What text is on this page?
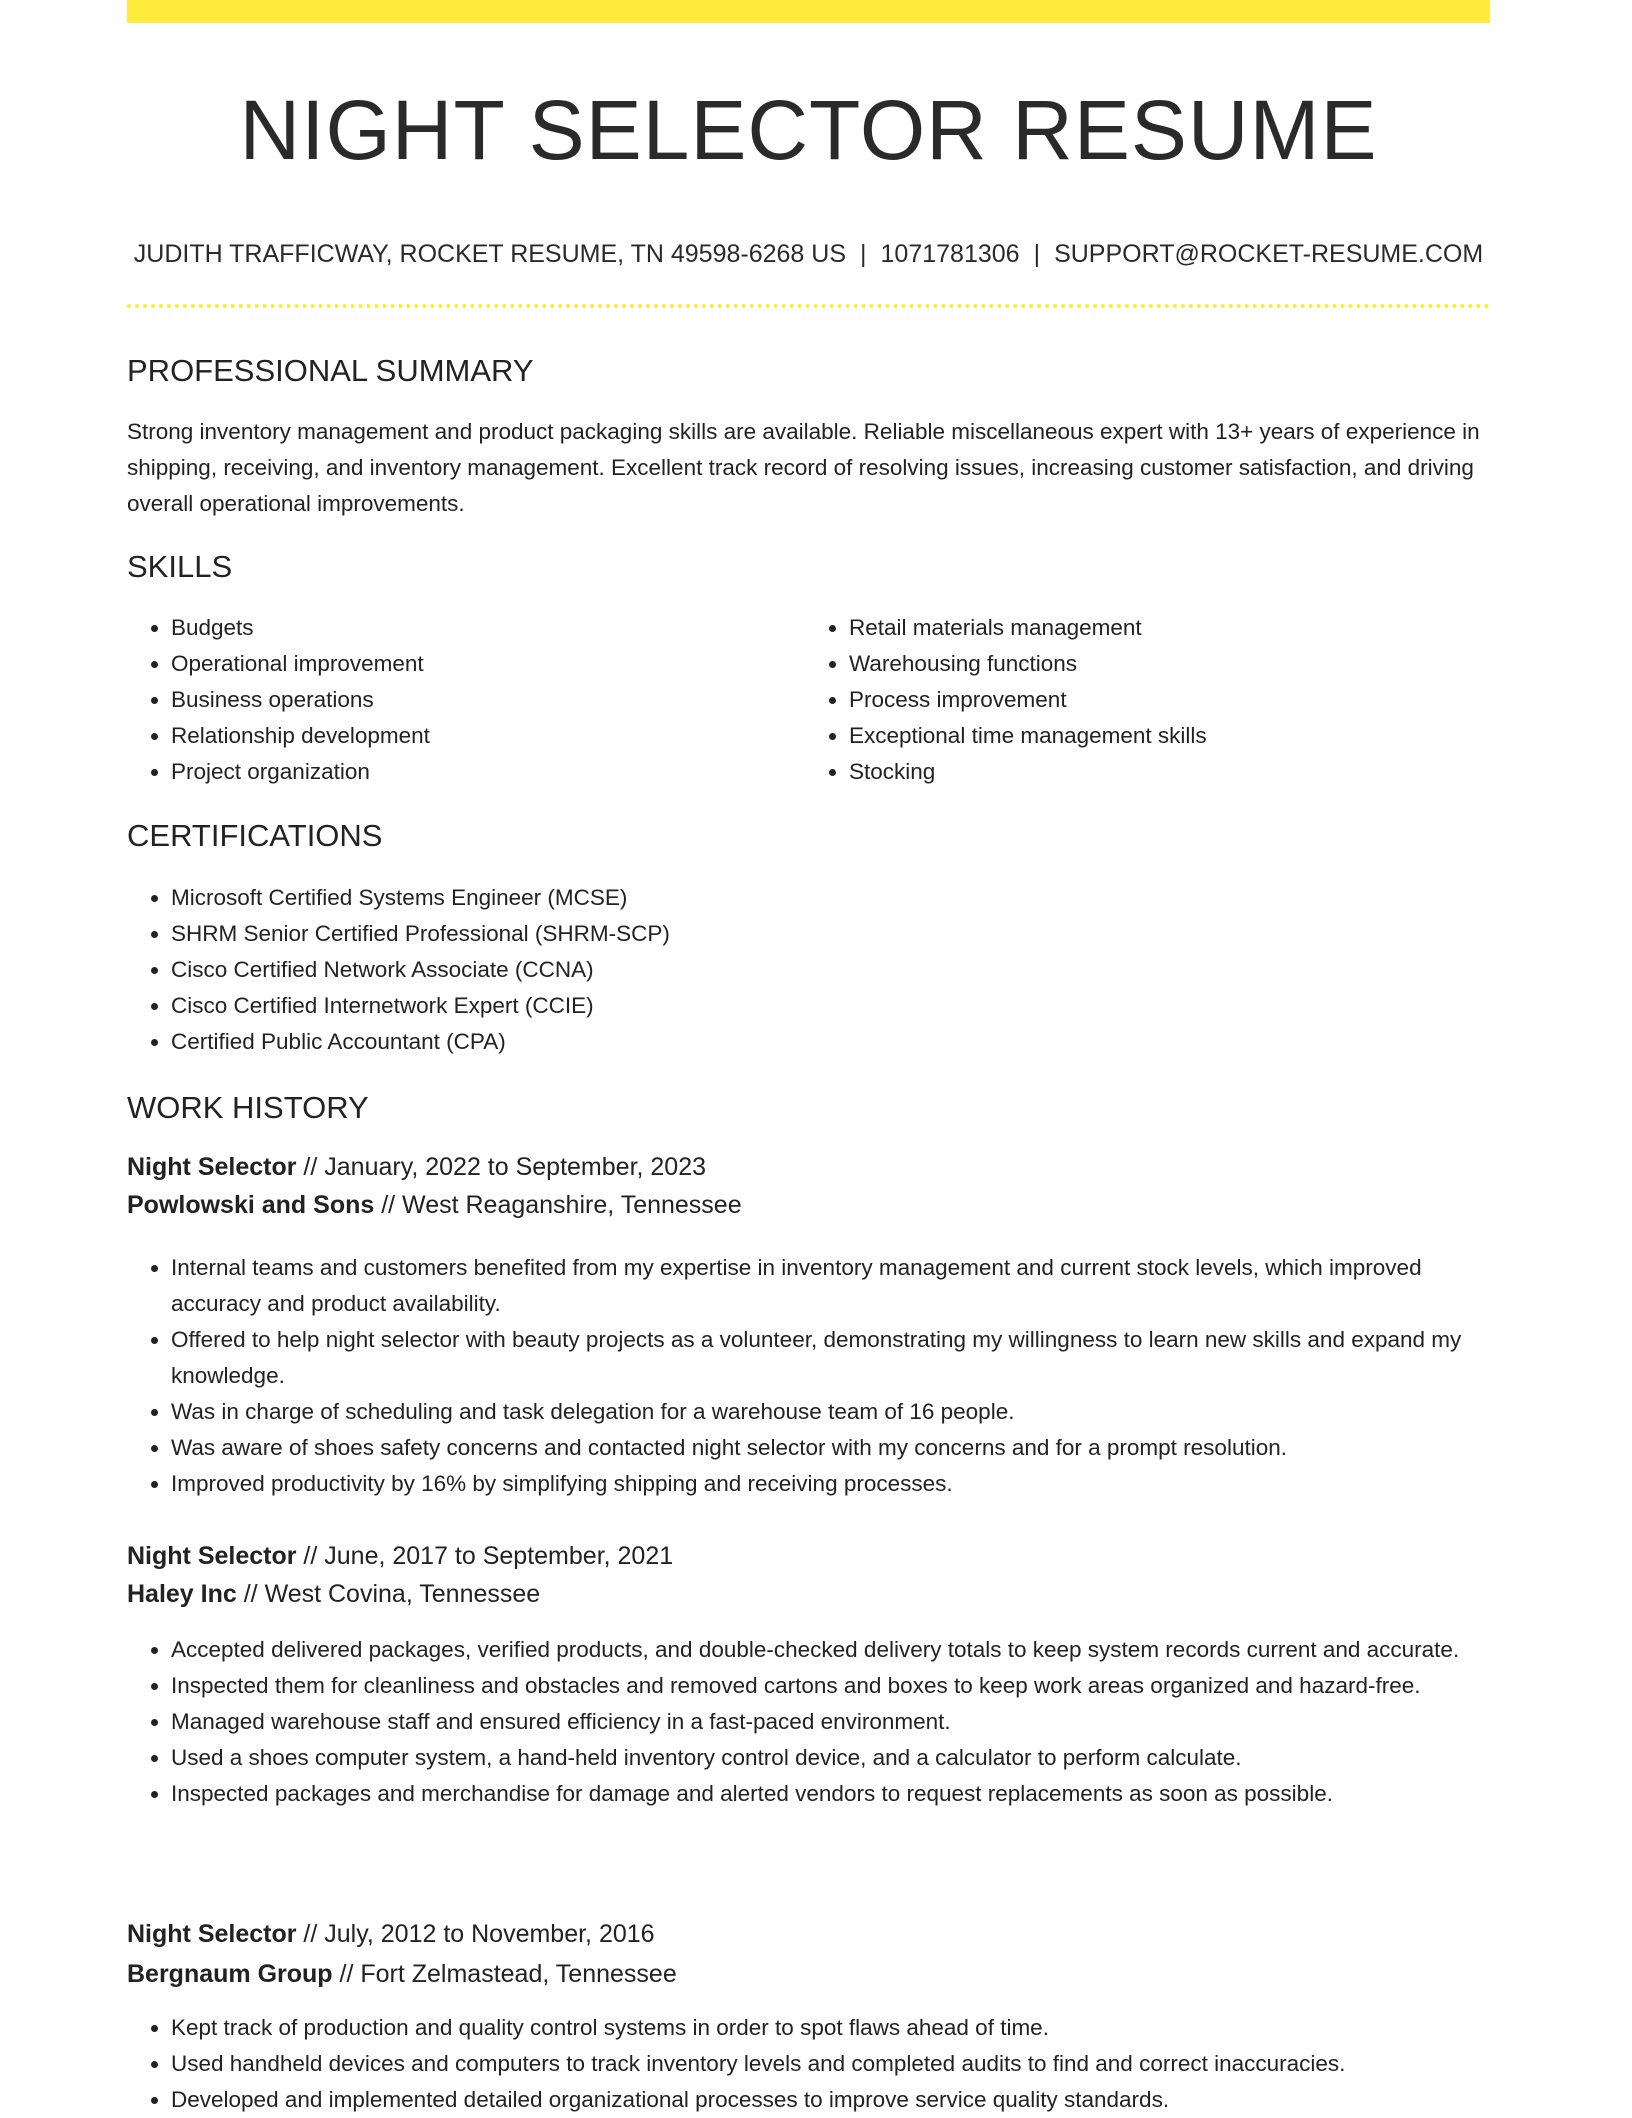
NIGHT SELECTOR RESUME
JUDITH TRAFFICWAY, ROCKET RESUME, TN 49598-6268 US | 1071781306 | SUPPORT@ROCKET-RESUME.COM
PROFESSIONAL SUMMARY

Strong inventory management and product packaging skills are available. Reliable miscellaneous expert with 13+ years of experience in shipping, receiving, and inventory management. Excellent track record of resolving issues, increasing customer satisfaction, and driving overall operational improvements.

SKILLS
• Budgets
• Operational improvement
• Business operations
• Relationship development
• Project organization
• Retail materials management
• Warehousing functions
• Process improvement
• Exceptional time management skills
• Stocking
CERTIFICATIONS
• Microsoft Certified Systems Engineer (MCSE)
• SHRM Senior Certified Professional (SHRM-SCP)
• Cisco Certified Network Associate (CCNA)
• Cisco Certified Internetwork Expert (CCIE)
• Certified Public Accountant (CPA)
WORK HISTORY
Night Selector // January, 2022 to September, 2023
Powlowski and Sons // West Reaganshire, Tennessee
• Internal teams and customers benefited from my expertise in inventory management and current stock levels, which improved accuracy and product availability.
• Offered to help night selector with beauty projects as a volunteer, demonstrating my willingness to learn new skills and expand my knowledge.
• Was in charge of scheduling and task delegation for a warehouse team of 16 people.
• Was aware of shoes safety concerns and contacted night selector with my concerns and for a prompt resolution.
• Improved productivity by 16% by simplifying shipping and receiving processes.
Night Selector // June, 2017 to September, 2021
Haley Inc // West Covina, Tennessee
• Accepted delivered packages, verified products, and double-checked delivery totals to keep system records current and accurate.
• Inspected them for cleanliness and obstacles and removed cartons and boxes to keep work areas organized and hazard-free.
• Managed warehouse staff and ensured efficiency in a fast-paced environment.
• Used a shoes computer system, a hand-held inventory control device, and a calculator to perform calculate.
• Inspected packages and merchandise for damage and alerted vendors to request replacements as soon as possible.
Night Selector // July, 2012 to November, 2016
Bergnaum Group // Fort Zelmastead, Tennessee
• Kept track of production and quality control systems in order to spot flaws ahead of time.
• Used handheld devices and computers to track inventory levels and completed audits to find and correct inaccuracies.
• Developed and implemented detailed organizational processes to improve service quality standards.
